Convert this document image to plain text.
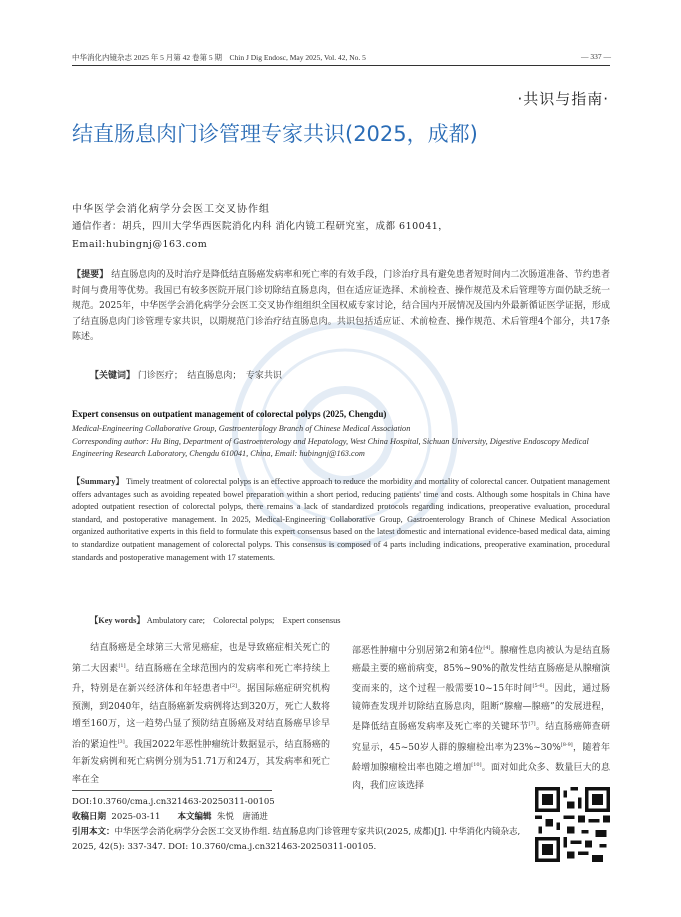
中华消化内镜杂志 2025 年 5 月第 42 卷第 5 期　Chin J Dig Endosc, May 2025, Vol. 42, No. 5	— 337 —
·共识与指南·
结直肠息肉门诊管理专家共识(2025，成都)
中华医学会消化病学分会医工交叉协作组
通信作者：胡兵，四川大学华西医院消化内科 消化内镜工程研究室，成都 610041，
Email:hubingnj@163.com
【提要】 结直肠息肉的及时治疗是降低结直肠癌发病率和死亡率的有效手段，门诊治疗具有避免患者短时间内二次肠道准备、节约患者时间与费用等优势。我国已有较多医院开展门诊切除结直肠息肉，但在适应证选择、术前检查、操作规范及术后管理等方面仍缺乏统一规范。2025年，中华医学会消化病学分会医工交叉协作组组织全国权威专家讨论，结合国内开展情况及国内外最新循证医学证据，形成了结直肠息肉门诊管理专家共识，以期规范门诊治疗结直肠息肉。共识包括适应证、术前检查、操作规范、术后管理4个部分，共17条陈述。
【关键词】 门诊医疗；　结直肠息肉；　专家共识
Expert consensus on outpatient management of colorectal polyps (2025, Chengdu)
Medical-Engineering Collaborative Group, Gastroenterology Branch of Chinese Medical Association
Corresponding author: Hu Bing, Department of Gastroenterology and Hepatology, West China Hospital, Sichuan University, Digestive Endoscopy Medical Engineering Research Laboratory, Chengdu 610041, China, Email: hubingnj@163.com
【Summary】 Timely treatment of colorectal polyps is an effective approach to reduce the morbidity and mortality of colorectal cancer. Outpatient management offers advantages such as avoiding repeated bowel preparation within a short period, reducing patients' time and costs. Although some hospitals in China have adopted outpatient resection of colorectal polyps, there remains a lack of standardized protocols regarding indications, preoperative evaluation, procedural standard, and postoperative management. In 2025, Medical-Engineering Collaborative Group, Gastroenterology Branch of Chinese Medical Association organized authoritative experts in this field to formulate this expert consensus based on the latest domestic and international evidence-based medical data, aiming to standardize outpatient management of colorectal polyps. This consensus is composed of 4 parts including indications, preoperative examination, procedural standards and postoperative management with 17 statements.
【Key words】 Ambulatory care;　Colorectal polyps;　Expert consensus
  结直肠癌是全球第三大常见癌症，也是导致癌症相关死亡的第二大因素[1]。结直肠癌在全球范围内的发病率和死亡率持续上升，特别是在新兴经济体和年轻患者中[2]。据国际癌症研究机构预测，到2040年，结直肠癌新发病例将达到320万，死亡人数将增至160万，这一趋势凸显了预防结直肠癌及对结直肠癌早诊早治的紧迫性[3]。我国2022年恶性肿瘤统计数据显示，结直肠癌的年新发病例和死亡病例分别为51.71万和24万，其发病率和死亡率在全
部恶性肿瘤中分别居第2和第4位[4]。腺瘤性息肉被认为是结直肠癌最主要的癌前病变，85%~90%的散发性结直肠癌是从腺瘤演变而来的，这个过程一般需要10~15年时间[5-6]。因此，通过肠镜筛查发现并切除结直肠息肉，阻断“腺瘤—腺癌”的发展进程，是降低结直肠癌发病率及死亡率的关键环节[7]。结直肠癌筛查研究显示，45~50岁人群的腺瘤检出率为23%~30%[8-9]，随着年龄增加腺瘤检出率也随之增加[10]。面对如此众多、数量巨大的息肉，我们应该选择
DOI:10.3760/cma.j.cn321463-20250311-00105
收稿日期 2025-03-11   本文编辑 朱悦　唐涌进
引用本文：中华医学会消化病学分会医工交叉协作组. 结直肠息肉门诊管理专家共识(2025, 成都)[J]. 中华消化内镜杂志, 2025, 42(5): 337-347. DOI: 10.3760/cma.j.cn321463-20250311-00105.
